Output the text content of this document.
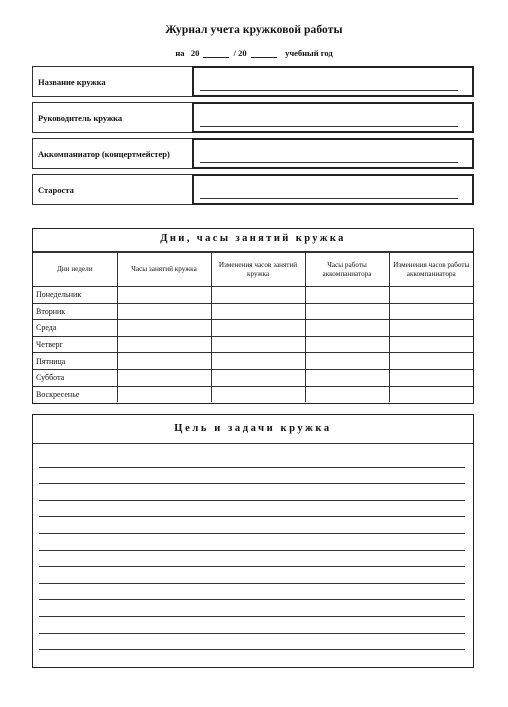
Журнал учета кружковой работы
на 20	/ 20	учебный год
Название кружка
Руководитель кружка
Аккомпаниатор (концертмейстер)
Староста
Дни, часы занятий кружка
Дни недели	Часы занятий кружка	Изменения часов занятий кружка	Часы работы аккомпаниатора	Изменения часов работы аккомпаниатора
Понедельник				
Вторник				
Среда				
Четверг				
Пятница				
Суббота				
Воскресенье				
Цель и задачи кружка
